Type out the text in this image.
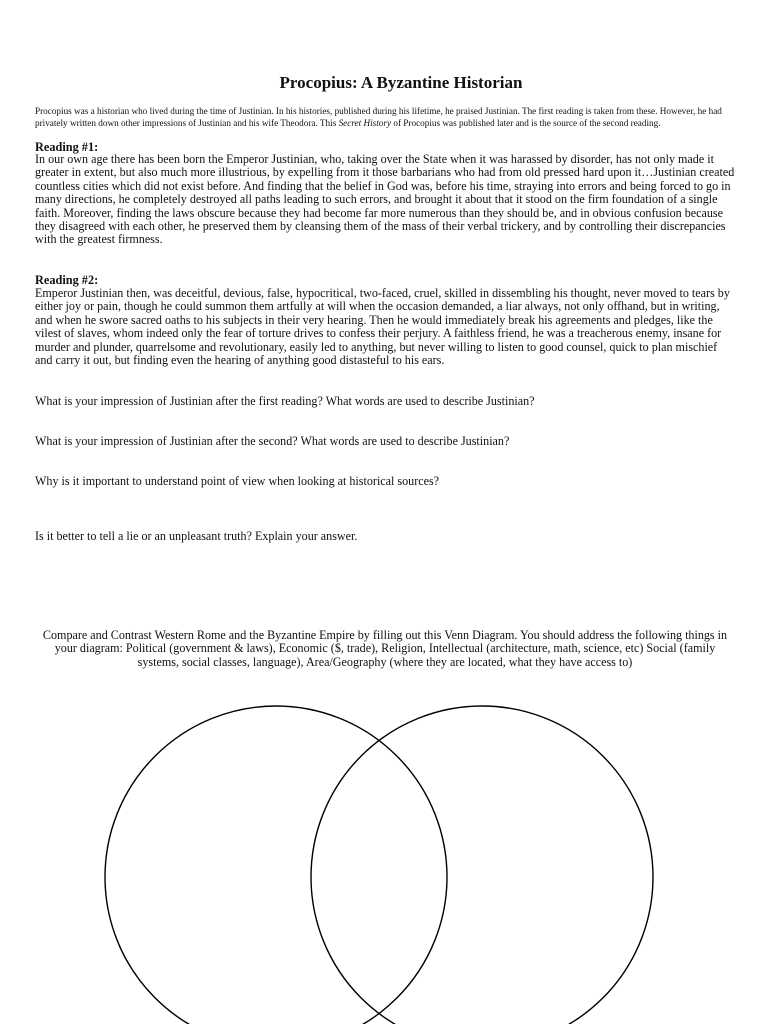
Procopius: A Byzantine Historian
Procopius was a historian who lived during the time of Justinian. In his histories, published during his lifetime, he praised Justinian. The first reading is taken from these. However, he had privately written down other impressions of Justinian and his wife Theodora. This Secret History of Procopius was published later and is the source of the second reading.
Reading #1:
In our own age there has been born the Emperor Justinian, who, taking over the State when it was harassed by disorder, has not only made it greater in extent, but also much more illustrious, by expelling from it those barbarians who had from old pressed hard upon it…Justinian created countless cities which did not exist before. And finding that the belief in God was, before his time, straying into errors and being forced to go in many directions, he completely destroyed all paths leading to such errors, and brought it about that it stood on the firm foundation of a single faith. Moreover, finding the laws obscure because they had become far more numerous than they should be, and in obvious confusion because they disagreed with each other, he preserved them by cleansing them of the mass of their verbal trickery, and by controlling their discrepancies with the greatest firmness.
Reading #2:
Emperor Justinian then, was deceitful, devious, false, hypocritical, two-faced, cruel, skilled in dissembling his thought, never moved to tears by either joy or pain, though he could summon them artfully at will when the occasion demanded, a liar always, not only offhand, but in writing, and when he swore sacred oaths to his subjects in their very hearing. Then he would immediately break his agreements and pledges, like the vilest of slaves, whom indeed only the fear of torture drives to confess their perjury. A faithless friend, he was a treacherous enemy, insane for murder and plunder, quarrelsome and revolutionary, easily led to anything, but never willing to listen to good counsel, quick to plan mischief and carry it out, but finding even the hearing of anything good distasteful to his ears.
What is your impression of Justinian after the first reading? What words are used to describe Justinian?
What is your impression of Justinian after the second? What words are used to describe Justinian?
Why is it important to understand point of view when looking at historical sources?
Is it better to tell a lie or an unpleasant truth? Explain your answer.
Compare and Contrast Western Rome and the Byzantine Empire by filling out this Venn Diagram. You should address the following things in your diagram: Political (government & laws), Economic ($, trade), Religion, Intellectual (architecture, math, science, etc) Social (family systems, social classes, language), Area/Geography (where they are located, what they have access to)
